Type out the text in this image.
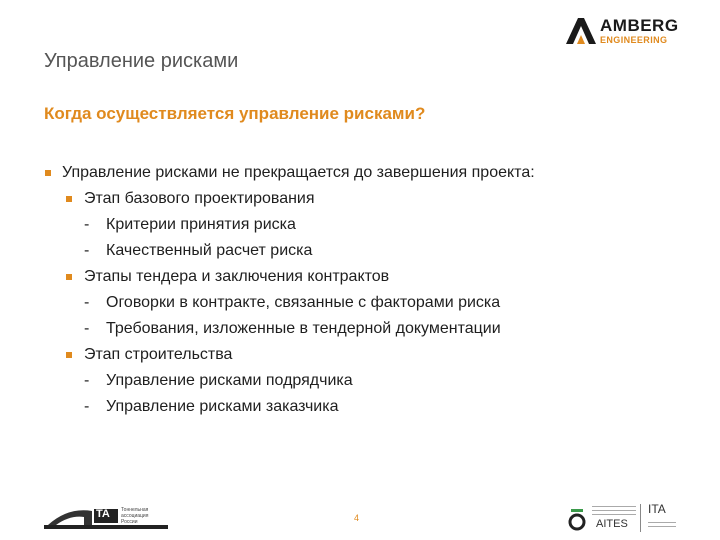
AMBERG
ENGINEERING
Управление рисками
Когда осуществляется управление рисками?
Управление рисками не прекращается до завершения проекта:
Этап базового проектирования
- Критерии принятия риска
- Качественный расчет риска
Этапы тендера и заключения контрактов
- Оговорки в контракте, связанные с факторами риска
- Требования, изложенные в тендерной документации
Этап строительства
- Управление рисками подрядчика
- Управление рисками заказчика
TA Тоннельная
ассоциация
России	4
ITA
AITES
